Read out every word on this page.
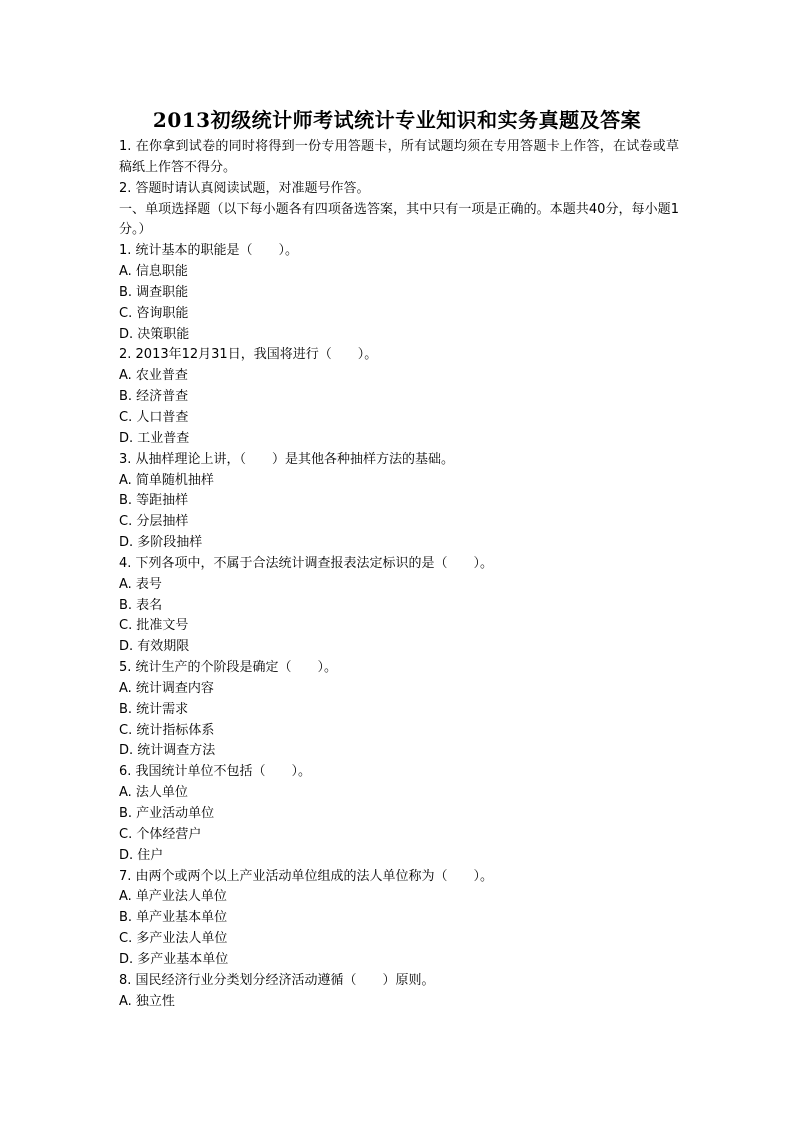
2013初级统计师考试统计专业知识和实务真题及答案

1. 在你拿到试卷的同时将得到一份专用答题卡，所有试题均须在专用答题卡上作答，在试卷或草稿纸上作答不得分。

2. 答题时请认真阅读试题，对准题号作答。

一、单项选择题（以下每小题各有四项备选答案，其中只有一项是正确的。本题共40分，每小题1分。）

1. 统计基本的职能是（　　）。

A. 信息职能

B. 调查职能

C. 咨询职能

D. 决策职能

2. 2013年12月31日，我国将进行（　　）。

A. 农业普查

B. 经济普查

C. 人口普查

D. 工业普查

3. 从抽样理论上讲，（　　）是其他各种抽样方法的基础。

A. 简单随机抽样

B. 等距抽样

C. 分层抽样

D. 多阶段抽样

4. 下列各项中，不属于合法统计调查报表法定标识的是（　　）。

A. 表号

B. 表名

C. 批准文号

D. 有效期限

5. 统计生产的个阶段是确定（　　）。

A. 统计调查内容

B. 统计需求

C. 统计指标体系

D. 统计调查方法

6. 我国统计单位不包括（　　）。

A. 法人单位

B. 产业活动单位

C. 个体经营户

D. 住户

7. 由两个或两个以上产业活动单位组成的法人单位称为（　　）。

A. 单产业法人单位

B. 单产业基本单位

C. 多产业法人单位

D. 多产业基本单位

8. 国民经济行业分类划分经济活动遵循（　　）原则。

A. 独立性
